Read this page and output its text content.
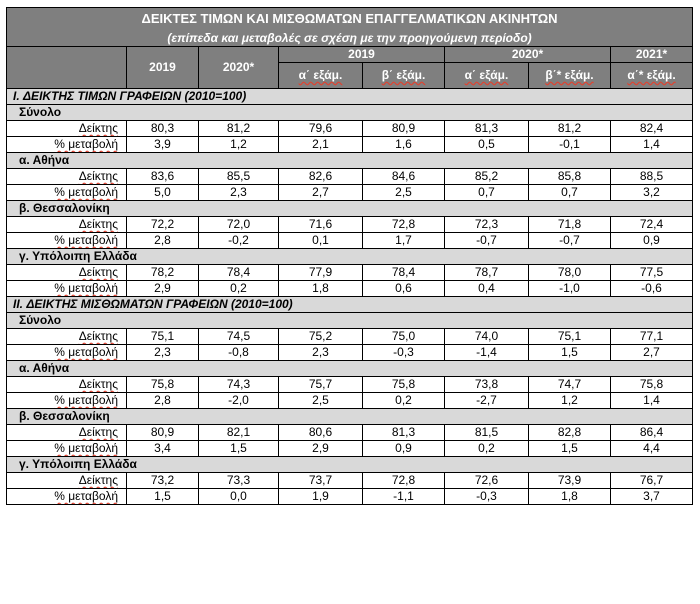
ΔΕΙΚΤΕΣ ΤΙΜΩΝ ΚΑΙ ΜΙΣΘΩΜΑΤΩΝ ΕΠΑΓΓΕΛΜΑΤΙΚΩΝ ΑΚΙΝΗΤΩΝ							
(επίπεδα και μεταβολές σε σχέση με την προηγούμενη περίοδο)							
	2019	2020*	2019		2020*		2021*
			α΄ εξάμ.	β΄ εξάμ.	α΄ εξάμ.	β΄* εξάμ.	α΄* εξάμ.
I. ΔΕΙΚΤΗΣ ΤΙΜΩΝ ΓΡΑΦΕΙΩΝ (2010=100)							
Σύνολο							
Δείκτης	80,3	81,2	79,6	80,9	81,3	81,2	82,4
% μεταβολή	3,9	1,2	2,1	1,6	0,5	-0,1	1,4
α. Αθήνα							
Δείκτης	83,6	85,5	82,6	84,6	85,2	85,8	88,5
% μεταβολή	5,0	2,3	2,7	2,5	0,7	0,7	3,2
β. Θεσσαλονίκη							
Δείκτης	72,2	72,0	71,6	72,8	72,3	71,8	72,4
% μεταβολή	2,8	-0,2	0,1	1,7	-0,7	-0,7	0,9
γ. Υπόλοιπη Ελλάδα							
Δείκτης	78,2	78,4	77,9	78,4	78,7	78,0	77,5
% μεταβολή	2,9	0,2	1,8	0,6	0,4	-1,0	-0,6
II. ΔΕΙΚΤΗΣ ΜΙΣΘΩΜΑΤΩΝ ΓΡΑΦΕΙΩΝ (2010=100)							
Σύνολο							
Δείκτης	75,1	74,5	75,2	75,0	74,0	75,1	77,1
% μεταβολή	2,3	-0,8	2,3	-0,3	-1,4	1,5	2,7
α. Αθήνα							
Δείκτης	75,8	74,3	75,7	75,8	73,8	74,7	75,8
% μεταβολή	2,8	-2,0	2,5	0,2	-2,7	1,2	1,4
β. Θεσσαλονίκη							
Δείκτης	80,9	82,1	80,6	81,3	81,5	82,8	86,4
% μεταβολή	3,4	1,5	2,9	0,9	0,2	1,5	4,4
γ. Υπόλοιπη Ελλάδα							
Δείκτης	73,2	73,3	73,7	72,8	72,6	73,9	76,7
% μεταβολή	1,5	0,0	1,9	-1,1	-0,3	1,8	3,7
